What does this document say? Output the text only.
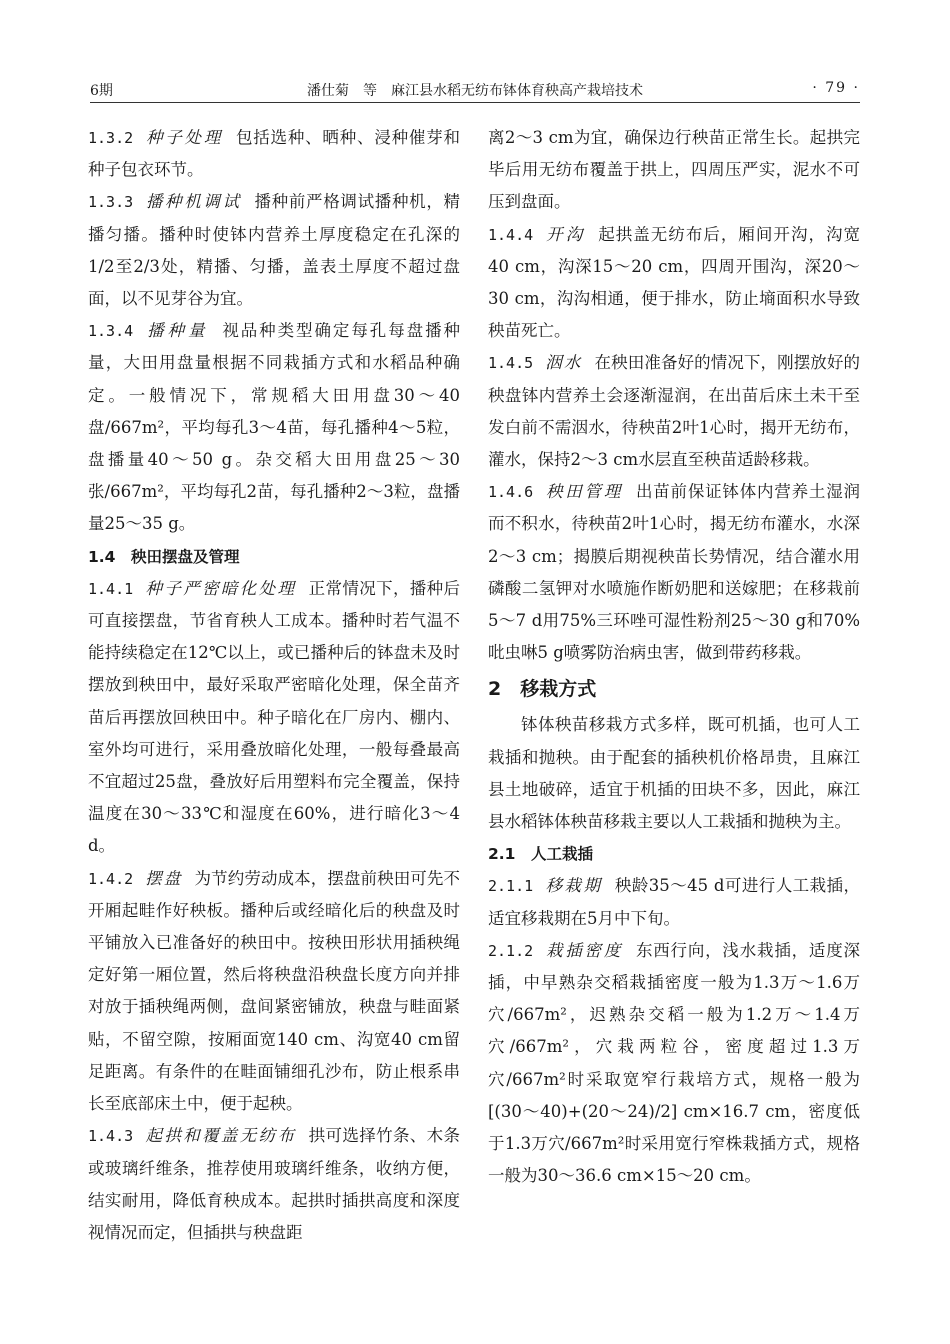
6期	潘仕菊　等　麻江县水稻无纺布钵体育秧高产栽培技术	· 79 ·

1.3.2 种子处理 包括选种、晒种、浸种催芽和种子包衣环节。

1.3.3 播种机调试 播种前严格调试播种机，精播匀播。播种时使钵内营养土厚度稳定在孔深的1/2至2/3处，精播、匀播，盖表土厚度不超过盘面，以不见芽谷为宜。

1.3.4 播种量 视品种类型确定每孔每盘播种量，大田用盘量根据不同栽插方式和水稻品种确定。一般情况下，常规稻大田用盘30～40盘/667m²，平均每孔3～4苗，每孔播种4～5粒，盘播量40～50 g。杂交稻大田用盘25～30张/667m²，平均每孔2苗，每孔播种2～3粒，盘播量25～35 g。

1.4　秧田摆盘及管理

1.4.1 种子严密暗化处理 正常情况下，播种后可直接摆盘，节省育秧人工成本。播种时若气温不能持续稳定在12℃以上，或已播种后的钵盘未及时摆放到秧田中，最好采取严密暗化处理，保全苗齐苗后再摆放回秧田中。种子暗化在厂房内、棚内、室外均可进行，采用叠放暗化处理，一般每叠最高不宜超过25盘，叠放好后用塑料布完全覆盖，保持温度在30～33℃和湿度在60%，进行暗化3～4 d。

1.4.2 摆盘 为节约劳动成本，摆盘前秧田可先不开厢起畦作好秧板。播种后或经暗化后的秧盘及时平铺放入已准备好的秧田中。按秧田形状用插秧绳定好第一厢位置，然后将秧盘沿秧盘长度方向并排对放于插秧绳两侧，盘间紧密铺放，秧盘与畦面紧贴，不留空隙，按厢面宽140 cm、沟宽40 cm留足距离。有条件的在畦面铺细孔沙布，防止根系串长至底部床土中，便于起秧。

1.4.3 起拱和覆盖无纺布 拱可选择竹条、木条或玻璃纤维条，推荐使用玻璃纤维条，收纳方便，结实耐用，降低育秧成本。起拱时插拱高度和深度视情况而定，但插拱与秧盘距

离2～3 cm为宜，确保边行秧苗正常生长。起拱完毕后用无纺布覆盖于拱上，四周压严实，泥水不可压到盘面。

1.4.4 开沟 起拱盖无纺布后，厢间开沟，沟宽40 cm，沟深15～20 cm，四周开围沟，深20～30 cm，沟沟相通，便于排水，防止墒面积水导致秧苗死亡。

1.4.5 洇水 在秧田准备好的情况下，刚摆放好的秧盘钵内营养土会逐渐湿润，在出苗后床土未干至发白前不需洇水，待秧苗2叶1心时，揭开无纺布，灌水，保持2～3 cm水层直至秧苗适龄移栽。

1.4.6 秧田管理 出苗前保证钵体内营养土湿润而不积水，待秧苗2叶1心时，揭无纺布灌水，水深2～3 cm；揭膜后期视秧苗长势情况，结合灌水用磷酸二氢钾对水喷施作断奶肥和送嫁肥；在移栽前5～7 d用75%三环唑可湿性粉剂25～30 g和70%吡虫啉5 g喷雾防治病虫害，做到带药移栽。

2　移栽方式

钵体秧苗移栽方式多样，既可机插，也可人工栽插和抛秧。由于配套的插秧机价格昂贵，且麻江县土地破碎，适宜于机插的田块不多，因此，麻江县水稻钵体秧苗移栽主要以人工栽插和抛秧为主。

2.1　人工栽插

2.1.1 移栽期 秧龄35～45 d可进行人工栽插，适宜移栽期在5月中下旬。

2.1.2 栽插密度 东西行向，浅水栽插，适度深插，中早熟杂交稻栽插密度一般为1.3万～1.6万穴/667m²，迟熟杂交稻一般为1.2万～1.4万穴/667m²，穴栽两粒谷，密度超过1.3万穴/667m²时采取宽窄行栽培方式，规格一般为[(30～40)+(20～24)/2] cm×16.7 cm，密度低于1.3万穴/667m²时采用宽行窄株栽插方式，规格一般为30～36.6 cm×15～20 cm。
